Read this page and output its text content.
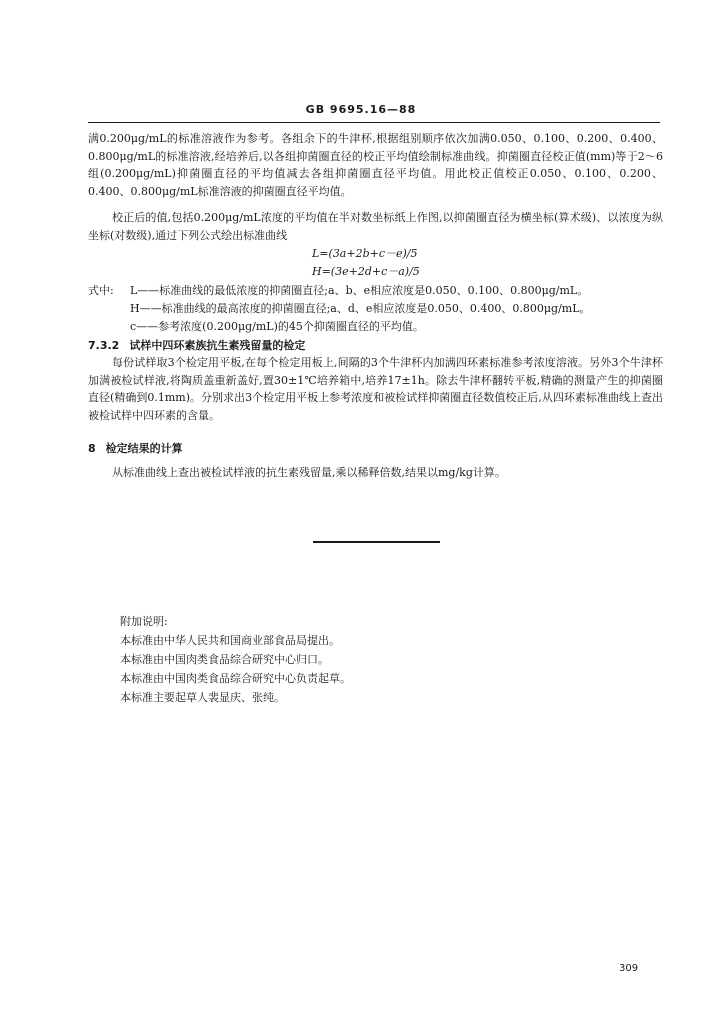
GB 9695.16—88
满0.200μg/mL的标准溶液作为参考。各组余下的牛津杯,根据组别顺序依次加满0.050、0.100、0.200、0.400、0.800μg/mL的标准溶液,经培养后,以各组抑菌圈直径的校正平均值绘制标准曲线。抑菌圈直径校正值(mm)等于2～6组(0.200μg/mL)抑菌圈直径的平均值减去各组抑菌圈直径平均值。用此校正值校正0.050、0.100、0.200、0.400、0.800μg/mL标准溶液的抑菌圈直径平均值。
校正后的值,包括0.200μg/mL浓度的平均值在半对数坐标纸上作图,以抑菌圈直径为横坐标(算术级)、以浓度为纵坐标(对数级),通过下列公式绘出标准曲线
L=(3a+2b+c－e)/5
H=(3e+2d+c－a)/5
式中: L——标准曲线的最低浓度的抑菌圈直径;a、b、e相应浓度是0.050、0.100、0.800μg/mL。
H——标准曲线的最高浓度的抑菌圈直径;a、d、e相应浓度是0.050、0.400、0.800μg/mL。
c——参考浓度(0.200μg/mL)的45个抑菌圈直径的平均值。
7.3.2 试样中四环素族抗生素残留量的检定
每份试样取3个检定用平板,在每个检定用板上,间隔的3个牛津杯内加满四环素标准参考浓度溶液。另外3个牛津杯加满被检试样液,将陶质盖重新盖好,置30±1℃培养箱中,培养17±1h。除去牛津杯翻转平板,精确的测量产生的抑菌圈直径(精确到0.1mm)。分别求出3个检定用平板上参考浓度和被检试样抑菌圈直径数值校正后,从四环素标准曲线上查出被检试样中四环素的含量。
8 检定结果的计算
从标准曲线上查出被检试样液的抗生素残留量,乘以稀释倍数,结果以mg/kg计算。
附加说明:
本标准由中华人民共和国商业部食品局提出。
本标准由中国肉类食品综合研究中心归口。
本标准由中国肉类食品综合研究中心负责起草。
本标准主要起草人裴显庆、张纯。
309
